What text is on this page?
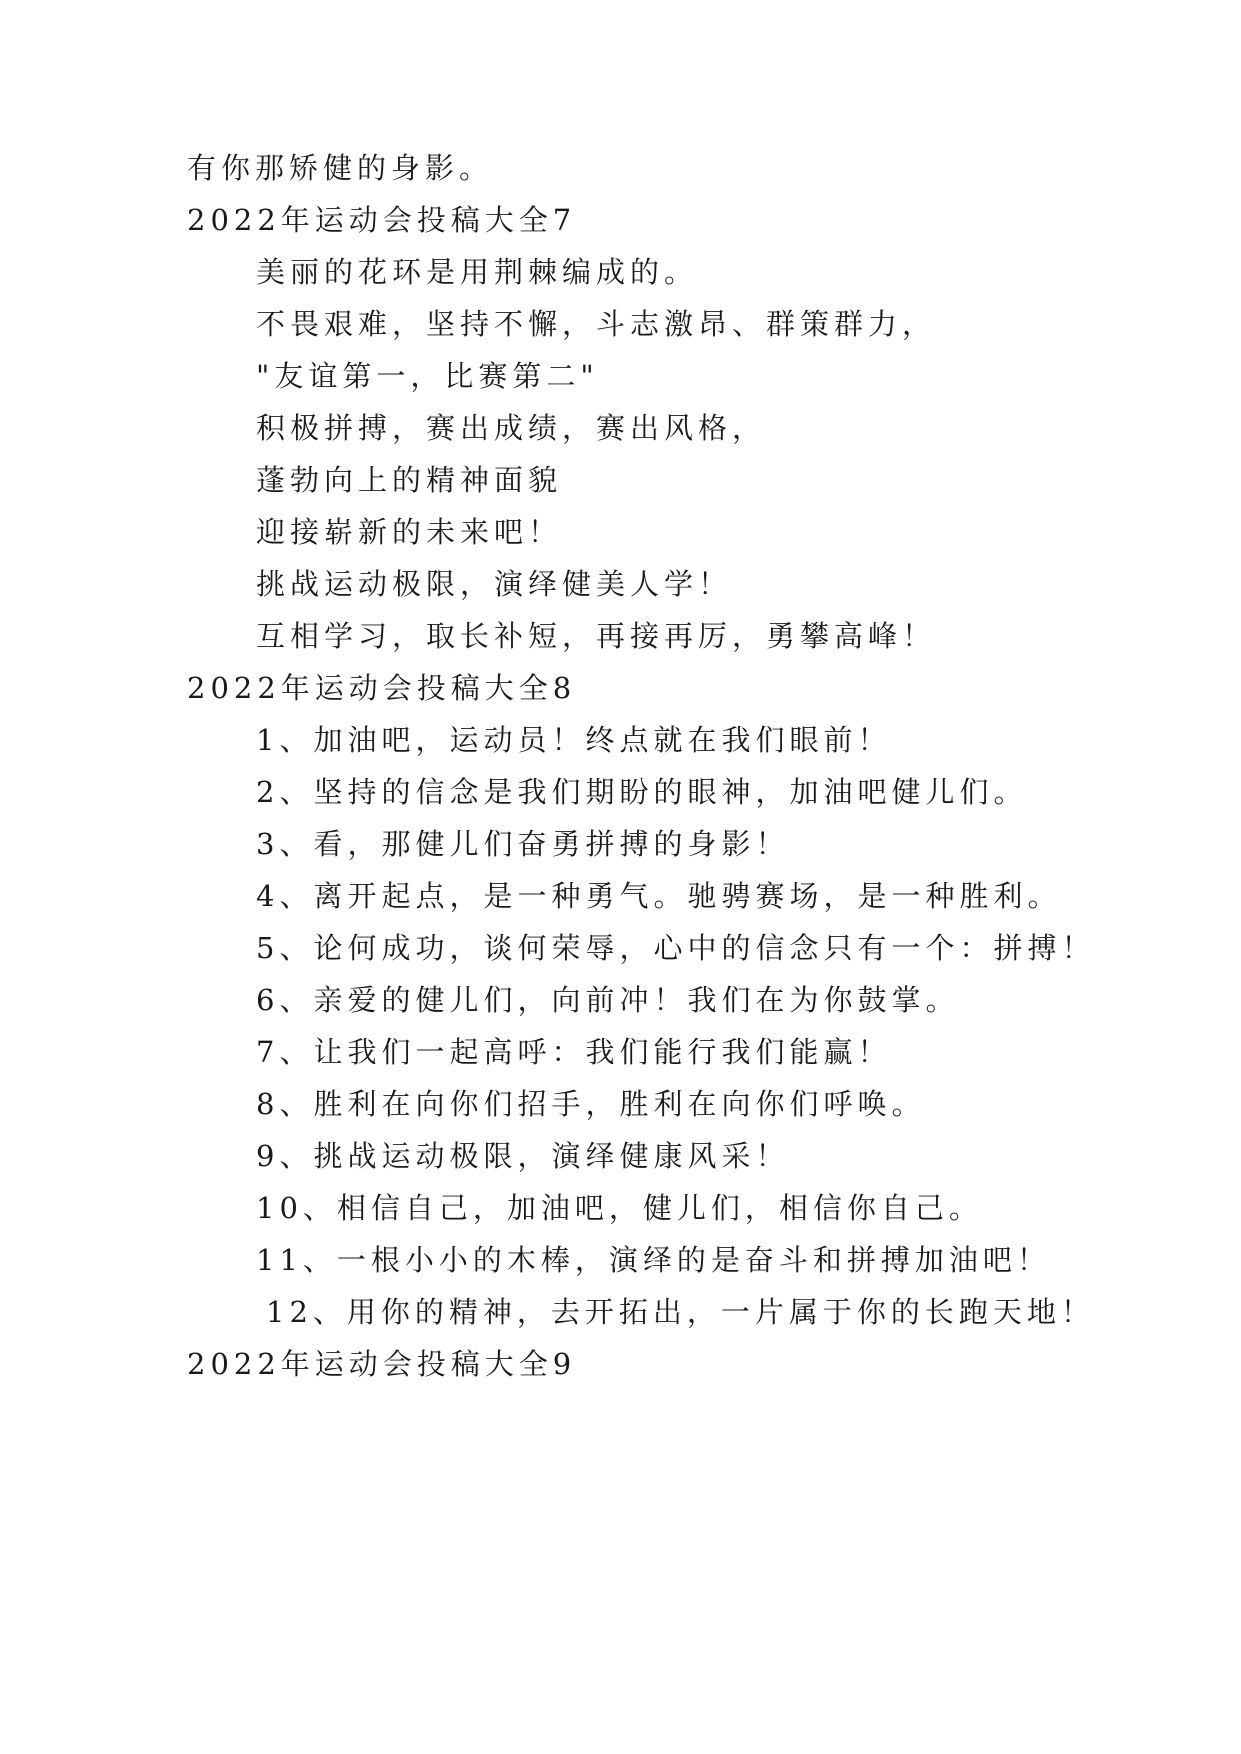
有你那矫健的身影。
2022年运动会投稿大全7
美丽的花环是用荆棘编成的。
不畏艰难，坚持不懈，斗志激昂、群策群力，
"友谊第一，比赛第二"
积极拼搏，赛出成绩，赛出风格，
蓬勃向上的精神面貌
迎接崭新的未来吧！
挑战运动极限，演绎健美人学！
互相学习，取长补短，再接再厉，勇攀高峰！
2022年运动会投稿大全8
1、加油吧，运动员！终点就在我们眼前！
2、坚持的信念是我们期盼的眼神，加油吧健儿们。
3、看，那健儿们奋勇拼搏的身影！
4、离开起点，是一种勇气。驰骋赛场，是一种胜利。
5、论何成功，谈何荣辱，心中的信念只有一个：拼搏！
6、亲爱的健儿们，向前冲！我们在为你鼓掌。
7、让我们一起高呼：我们能行我们能赢！
8、胜利在向你们招手，胜利在向你们呼唤。
9、挑战运动极限，演绎健康风采！
10、相信自己，加油吧，健儿们，相信你自己。
11、一根小小的木棒，演绎的是奋斗和拼搏加油吧！
12、用你的精神，去开拓出，一片属于你的长跑天地！
2022年运动会投稿大全9
